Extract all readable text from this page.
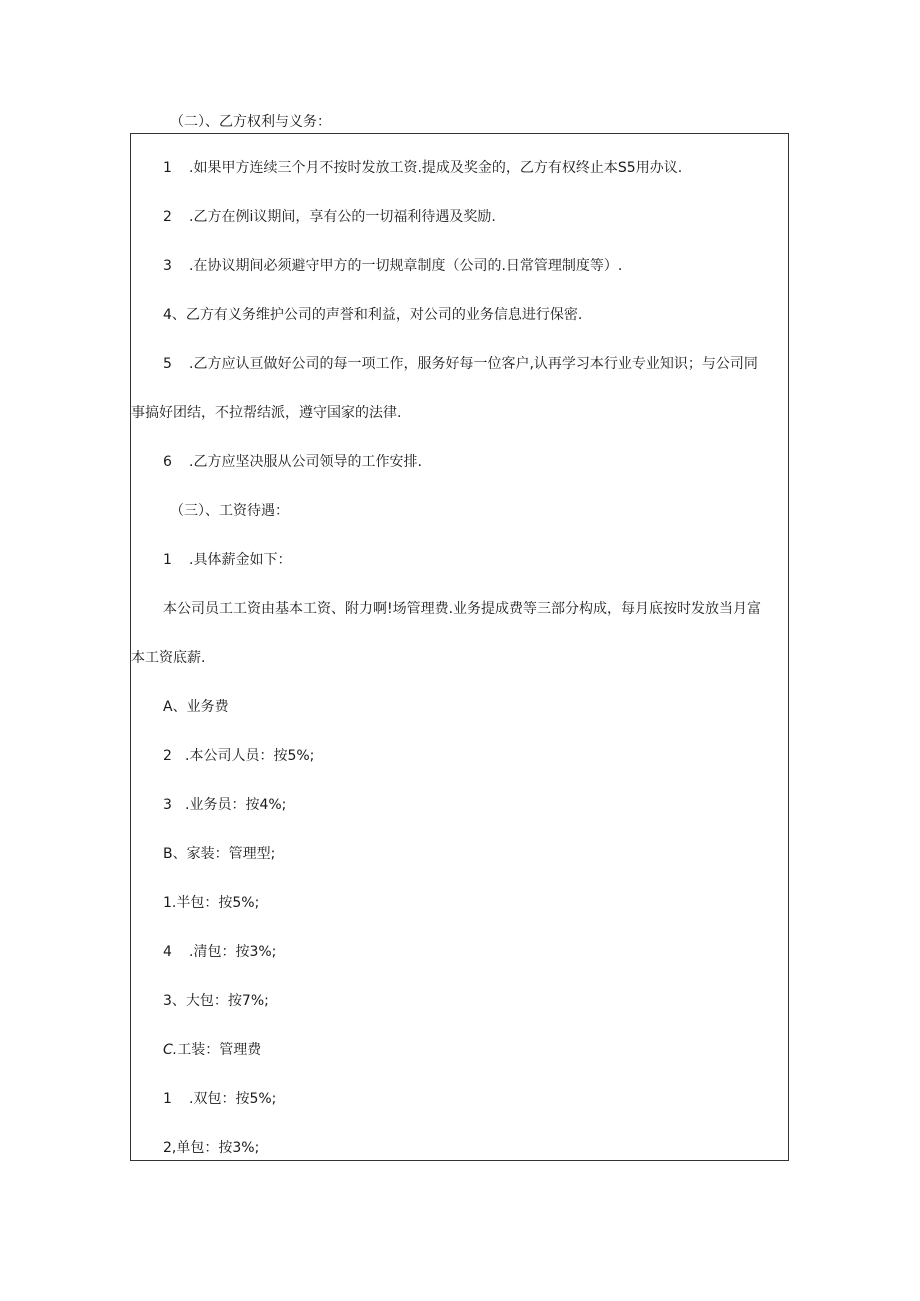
（二）、乙方权利与义务：
1 .如果甲方连续三个月不按时发放工资.提成及奖金的，乙方有权终止本S5用办议.
2 .乙方在例i议期间，享有公的一切福利待遇及奖励.
3 .在协议期间必须避守甲方的一切规章制度（公司的.日常管理制度等）.
4、乙方有义务维护公司的声誉和利益，对公司的业务信息进行保密.
5 .乙方应认亘做好公司的每一项工作，服务好每一位客户,认再学习本行业专业知识；与公司同
事搞好团结，不拉帮结派，遵守国家的法律.
6 .乙方应坚决服从公司领导的工作安排.
（三）、工资待遇：
1 .具体薪金如下：
本公司员工工资由基本工资、附力啊!场管理费.业务提成费等三部分构成，每月底按时发放当月富
本工资底薪.
A、业务费
2 .本公司人员：按5%;
3 .业务员：按4%;
B、家装：管理型;
1.半包：按5%;
4 .清包：按3%;
3、大包：按7%;
C.工装：管理费
1 .双包：按5%;
2,单包：按3%;
